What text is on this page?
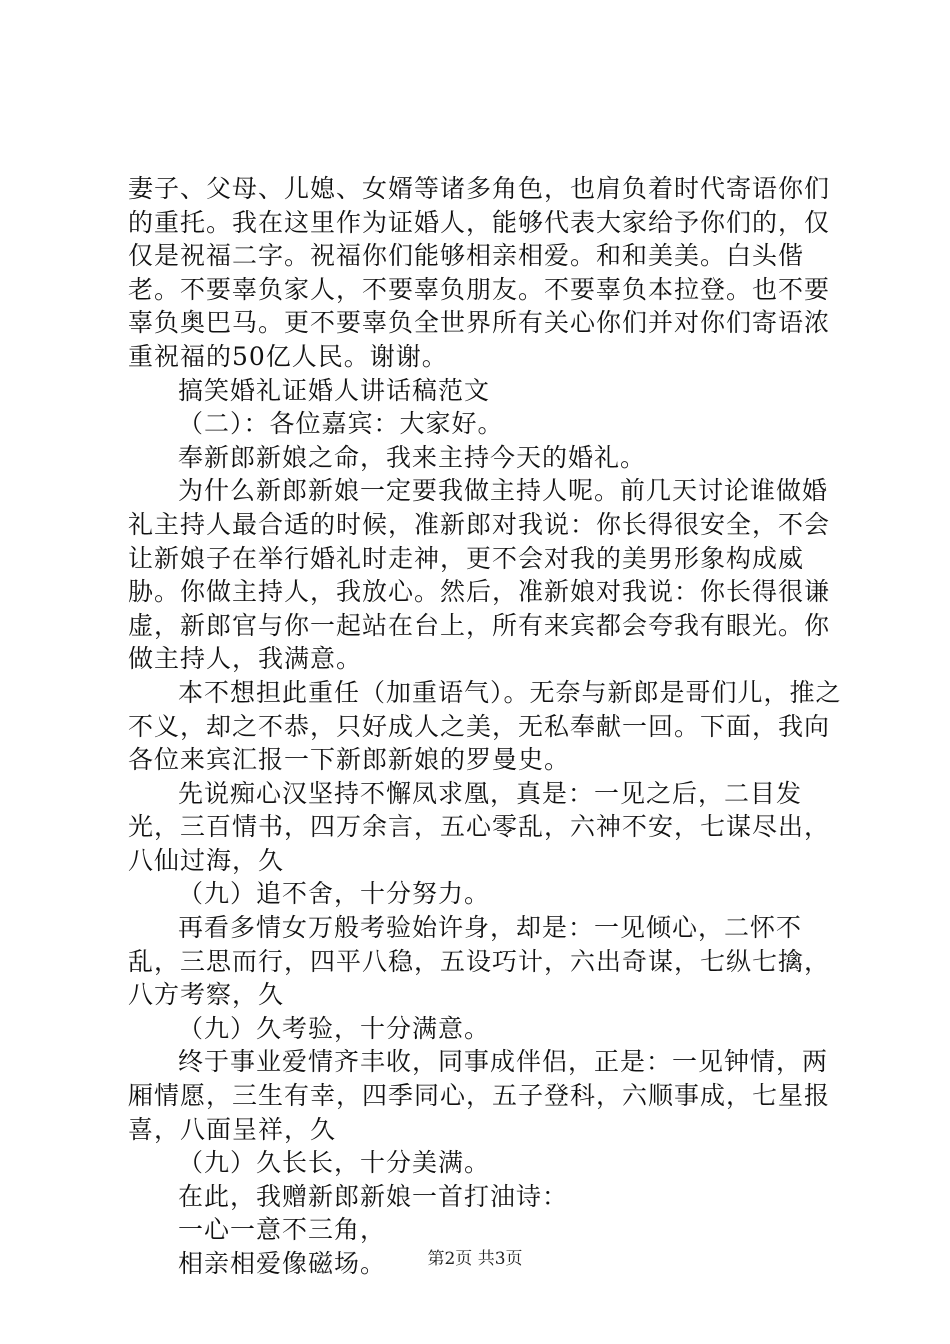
妻子、父母、儿媳、女婿等诸多角色，也肩负着时代寄语你们的重托。我在这里作为证婚人，能够代表大家给予你们的，仅仅是祝福二字。祝福你们能够相亲相爱。和和美美。白头偕老。不要辜负家人，不要辜负朋友。不要辜负本拉登。也不要辜负奥巴马。更不要辜负全世界所有关心你们并对你们寄语浓重祝福的50亿人民。谢谢。

搞笑婚礼证婚人讲话稿范文

（二）：各位嘉宾：大家好。

奉新郎新娘之命，我来主持今天的婚礼。

为什么新郎新娘一定要我做主持人呢。前几天讨论谁做婚礼主持人最合适的时候，准新郎对我说：你长得很安全，不会让新娘子在举行婚礼时走神，更不会对我的美男形象构成威胁。你做主持人，我放心。然后，准新娘对我说：你长得很谦虚，新郎官与你一起站在台上，所有来宾都会夸我有眼光。你做主持人，我满意。

本不想担此重任（加重语气）。无奈与新郎是哥们儿，推之不义，却之不恭，只好成人之美，无私奉献一回。下面，我向各位来宾汇报一下新郎新娘的罗曼史。

先说痴心汉坚持不懈凤求凰，真是：一见之后，二目发光，三百情书，四万余言，五心零乱，六神不安，七谋尽出，八仙过海，久

（九）追不舍，十分努力。

再看多情女万般考验始许身，却是：一见倾心，二怀不乱，三思而行，四平八稳，五设巧计，六出奇谋，七纵七擒，八方考察，久

（九）久考验，十分满意。

终于事业爱情齐丰收，同事成伴侣，正是：一见钟情，两厢情愿，三生有幸，四季同心，五子登科，六顺事成，七星报喜，八面呈祥，久

（九）久长长，十分美满。

在此，我赠新郎新娘一首打油诗：

一心一意不三角，

相亲相爱像磁场。	第2页 共3页
